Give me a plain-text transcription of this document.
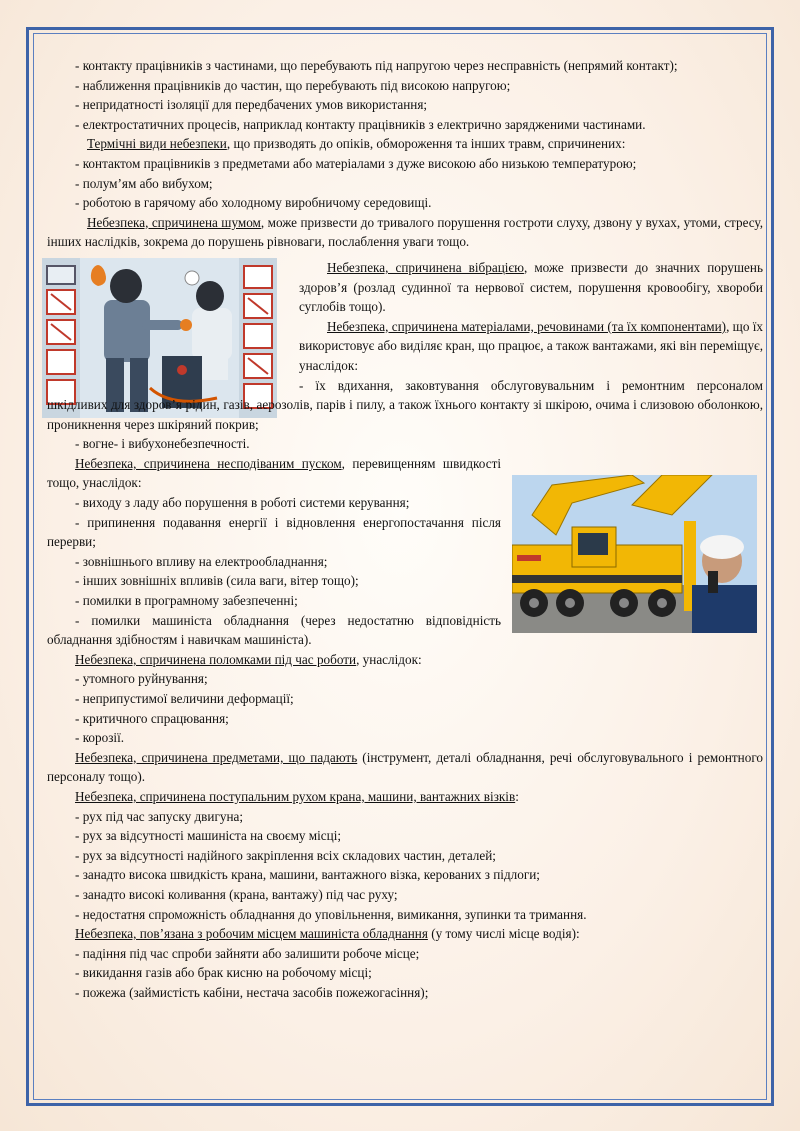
- контакту працівників з частинами, що перебувають під напругою через несправність (непрямий контакт);

- наближення працівників до частин, що перебувають під високою напругою;

- непридатності ізоляції для передбачених умов використання;

- електростатичних процесів, наприклад контакту працівників з електрично зарядженими частинами.

Термічні види небезпеки, що призводять до опіків, обмороження та інших травм, спричинених:

- контактом працівників з предметами або матеріалами з дуже високою або низькою температурою;

- полум’ям або вибухом;

- роботою в гарячому або холодному виробничому середовищі.

Небезпека, спричинена шумом, може призвести до тривалого порушення гостроти слуху, дзвону у вухах, утоми, стресу, інших наслідків, зокрема до порушень рівноваги, послаблення уваги тощо.

Небезпека, спричинена вібрацією, може призвести до значних порушень здоров’я (розлад судинної та нервової систем, порушення кровообігу, хвороби суглобів тощо).

Небезпека, спричинена матеріалами, речовинами (та їх компонентами), що їх використовує або виділяє кран, що працює, а також вантажами, які він переміщує, унаслідок:

- їх вдихання, заковтування обслуговувальним і ремонтним персоналом шкідливих для здоров’я рідин, газів, аерозолів, парів і пилу, а також їхнього контакту зі шкірою, очима і слизовою оболонкою, проникнення через шкіряний покрив;

- вогне- і вибухонебезпечності.

Небезпека, спричинена несподіваним пуском, перевищенням швидкості тощо, унаслідок:

- виходу з ладу або порушення в роботі системи керування;

- припинення подавання енергії і відновлення енергопостачання після перерви;

- зовнішнього впливу на електрообладнання;

- інших зовнішніх впливів (сила ваги, вітер тощо);

- помилки в програмному забезпеченні;

- помилки машиніста обладнання (через недостатню відповідність обладнання здібностям і навичкам машиніста).

Небезпека, спричинена поломками під час роботи, унаслідок:

- утомного руйнування;

- неприпустимої величини деформації;

- критичного спрацювання;

- корозії.

Небезпека, спричинена предметами, що падають (інструмент, деталі обладнання, речі обслуговувального і ремонтного персоналу тощо).

Небезпека, спричинена поступальним рухом крана, машини, вантажних візків:

- рух під час запуску двигуна;

- рух за відсутності машиніста на своєму місці;

- рух за відсутності надійного закріплення всіх складових частин, деталей;

- занадто висока швидкість крана, машини, вантажного візка, керованих з підлоги;

- занадто високі коливання (крана, вантажу) під час руху;

- недостатня спроможність обладнання до уповільнення, вимикання, зупинки та тримання.

Небезпека, пов’язана з робочим місцем машиніста обладнання (у тому числі місце водія):

- падіння під час спроби зайняти або залишити робоче місце;

- викидання газів або брак кисню на робочому місці;

- пожежа (займистість кабіни, нестача засобів пожежогасіння);
